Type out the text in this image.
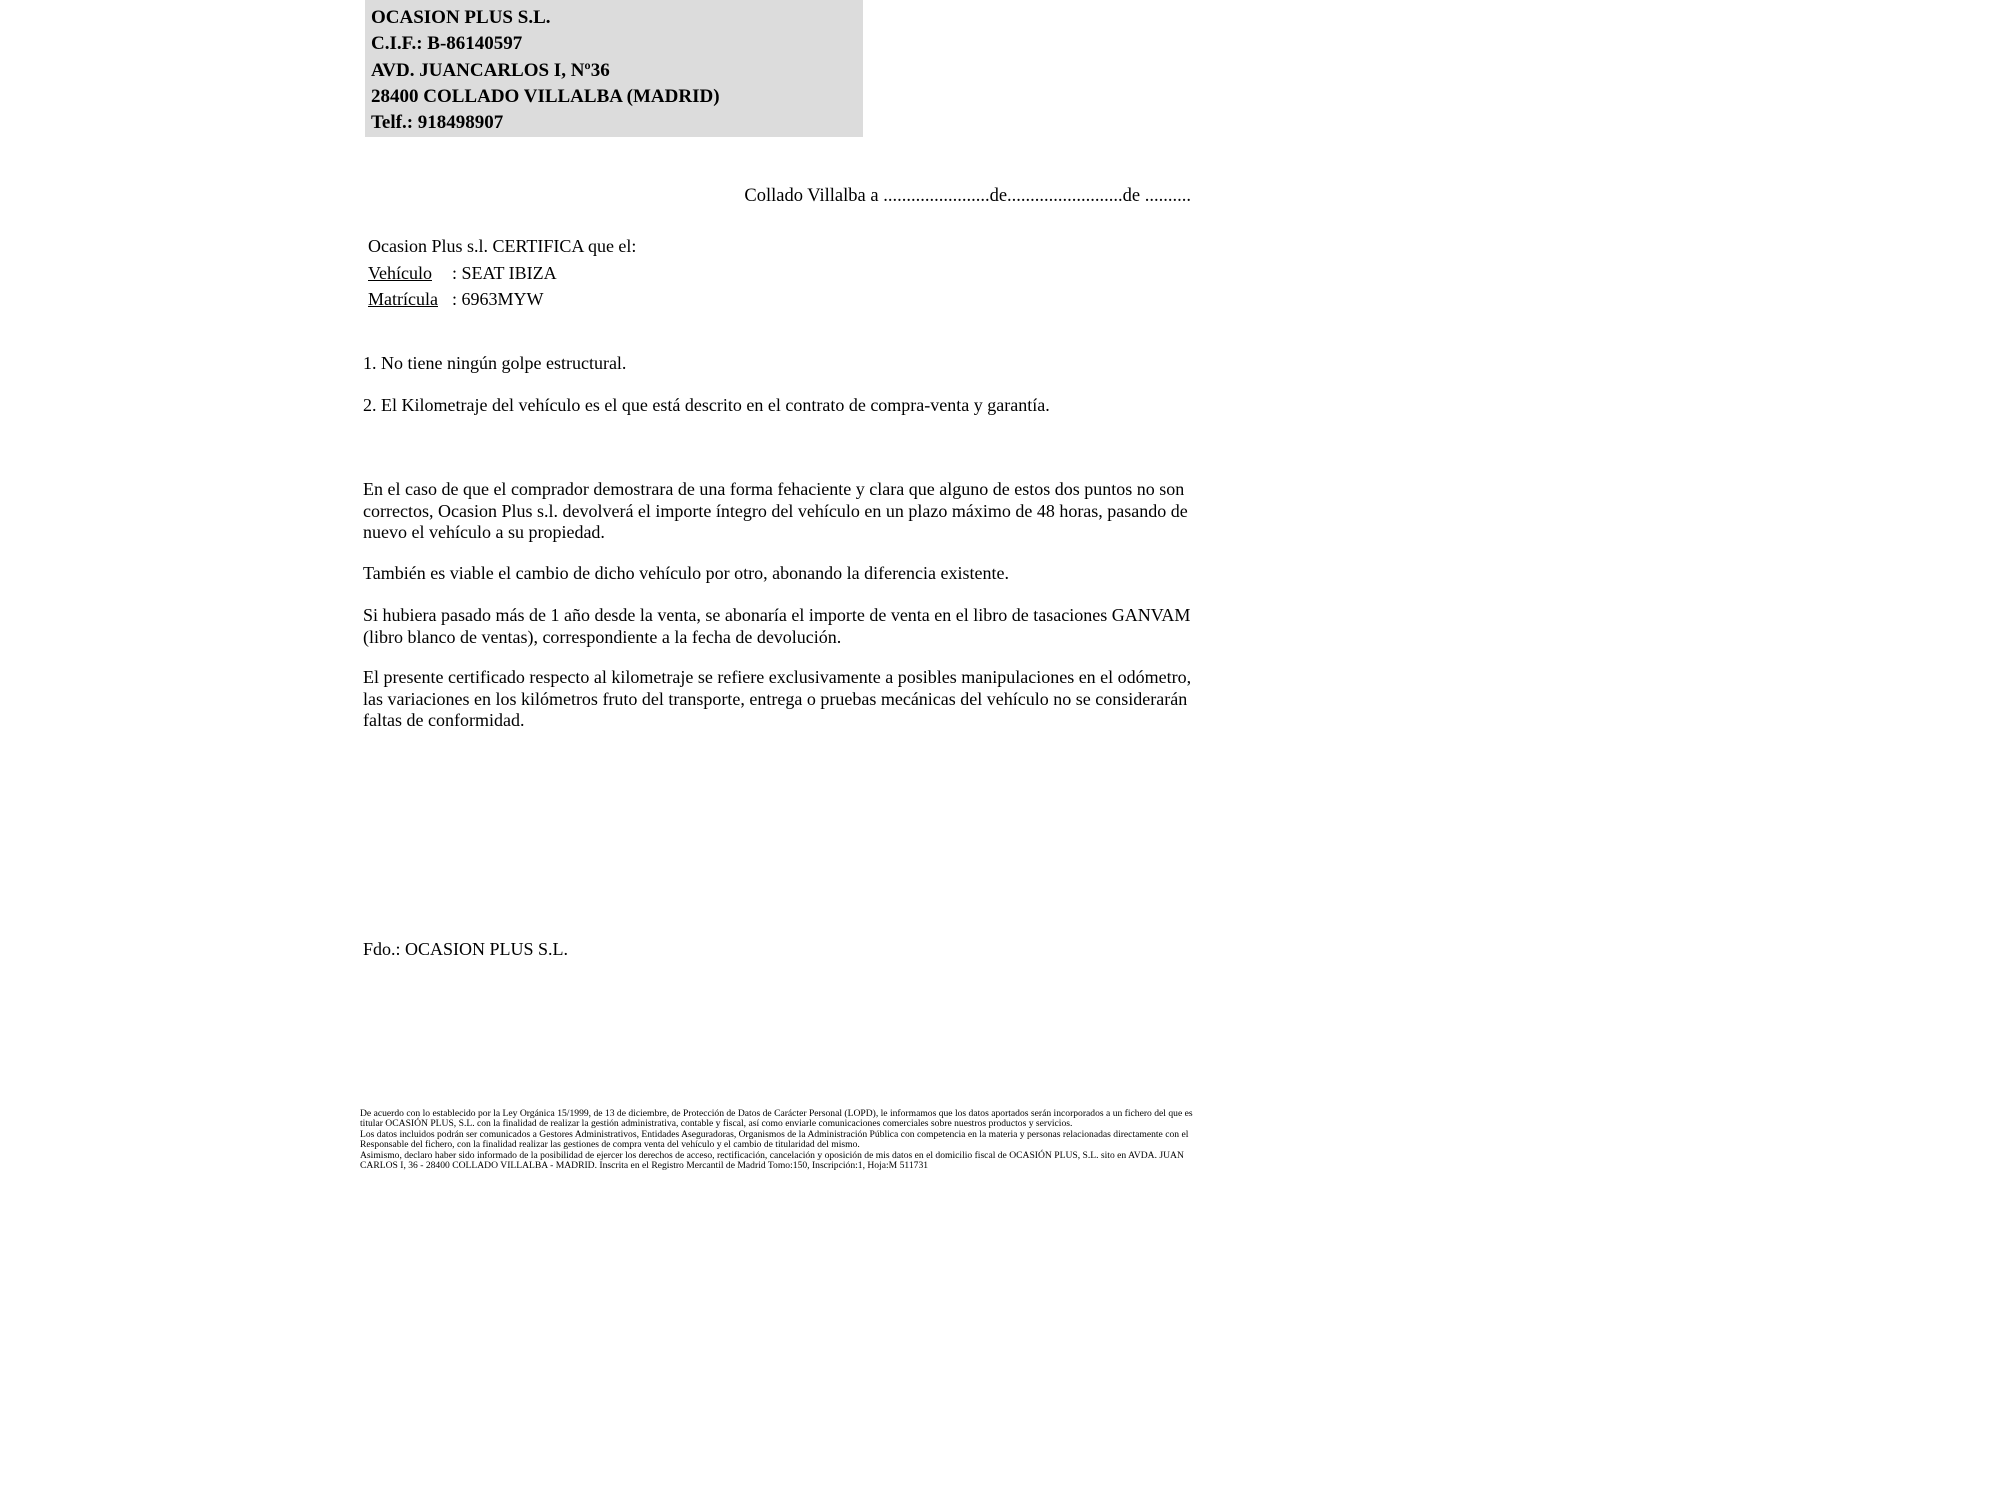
OCASION PLUS S.L.
C.I.F.: B-86140597
AVD. JUANCARLOS I, Nº36
28400 COLLADO VILLALBA (MADRID)
Telf.: 918498907
Collado Villalba a .......................de.........................de ..........
Ocasion Plus s.l. CERTIFICA que el:
Vehículo : SEAT IBIZA
Matrícula : 6963MYW
1. No tiene ningún golpe estructural.
2. El Kilometraje del vehículo es el que está descrito en el contrato de compra-venta y garantía.

En el caso de que el comprador demostrara de una forma fehaciente y clara que alguno de estos dos puntos no son correctos, Ocasion Plus s.l. devolverá el importe íntegro del vehículo en un plazo máximo de 48 horas, pasando de nuevo el vehículo a su propiedad.

También es viable el cambio de dicho vehículo por otro, abonando la diferencia existente.

Si hubiera pasado más de 1 año desde la venta, se abonaría el importe de venta en el libro de tasaciones GANVAM (libro blanco de ventas), correspondiente a la fecha de devolución.

El presente certificado respecto al kilometraje se refiere exclusivamente a posibles manipulaciones en el odómetro, las variaciones en los kilómetros fruto del transporte, entrega o pruebas mecánicas del vehículo no se considerarán faltas de conformidad.

Fdo.: OCASION PLUS S.L.
De acuerdo con lo establecido por la Ley Orgánica 15/1999, de 13 de diciembre, de Protección de Datos de Carácter Personal (LOPD), le informamos que los datos aportados serán incorporados a un fichero del que es titular OCASIÓN PLUS, S.L. con la finalidad de realizar la gestión administrativa, contable y fiscal, así como enviarle comunicaciones comerciales sobre nuestros productos y servicios.
Los datos incluidos podrán ser comunicados a Gestores Administrativos, Entidades Aseguradoras, Organismos de la Administración Pública con competencia en la materia y personas relacionadas directamente con el Responsable del fichero, con la finalidad realizar las gestiones de compra venta del vehículo y el cambio de titularidad del mismo.
Asimismo, declaro haber sido informado de la posibilidad de ejercer los derechos de acceso, rectificación, cancelación y oposición de mis datos en el domicilio fiscal de OCASIÓN PLUS, S.L. sito en AVDA. JUAN CARLOS I, 36 - 28400 COLLADO VILLALBA - MADRID. Inscrita en el Registro Mercantil de Madrid Tomo:150, Inscripción:1, Hoja:M 511731
